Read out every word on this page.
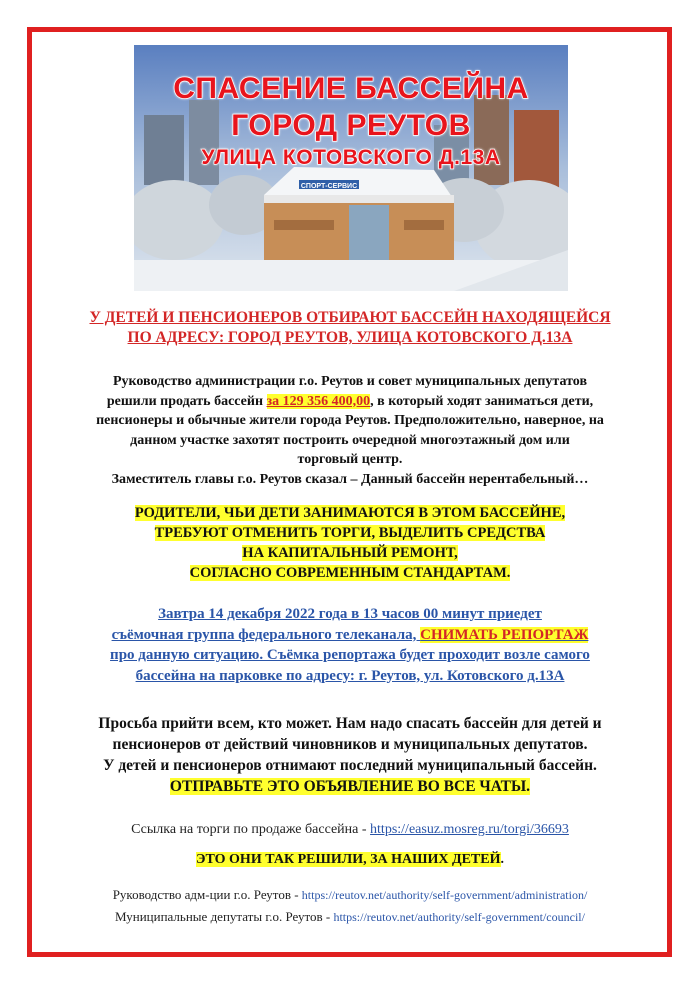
СПОРТ-СЕРВИС
СПАСЕНИЕ БАССЕЙНА
ГОРОД РЕУТОВ
УЛИЦА КОТОВСКОГО Д.13А
У ДЕТЕЙ И ПЕНСИОНЕРОВ ОТБИРАЮТ БАССЕЙН НАХОДЯЩЕЙСЯ
ПО АДРЕСУ: ГОРОД РЕУТОВ, УЛИЦА КОТОВСКОГО Д.13А
Руководство администрации г.о. Реутов и совет муниципальных депутатов
решили продать бассейн за 129 356 400,00, в который ходят заниматься дети,
пенсионеры и обычные жители города Реутов. Предположительно, наверное, на
данном участке захотят построить очередной многоэтажный дом или
торговый центр.
Заместитель главы г.о. Реутов сказал – Данный бассейн нерентабельный…
РОДИТЕЛИ, ЧЬИ ДЕТИ ЗАНИМАЮТСЯ В ЭТОМ БАССЕЙНЕ,
ТРЕБУЮТ ОТМЕНИТЬ ТОРГИ, ВЫДЕЛИТЬ СРЕДСТВА
НА КАПИТАЛЬНЫЙ РЕМОНТ,
СОГЛАСНО СОВРЕМЕННЫМ СТАНДАРТАМ.
Завтра 14 декабря 2022 года в 13 часов 00 минут приедет
съёмочная группа федерального телеканала, СНИМАТЬ РЕПОРТАЖ
про данную ситуацию. Съёмка репортажа будет проходит возле самого
бассейна на парковке по адресу: г. Реутов, ул. Котовского д.13А
Просьба прийти всем, кто может. Нам надо спасать бассейн для детей и
пенсионеров от действий чиновников и муниципальных депутатов.
У детей и пенсионеров отнимают последний муниципальный бассейн.
ОТПРАВЬТЕ ЭТО ОБЪЯВЛЕНИЕ ВО ВСЕ ЧАТЫ.
Ссылка на торги по продаже бассейна - https://easuz.mosreg.ru/torgi/36693
ЭТО ОНИ ТАК РЕШИЛИ, ЗА НАШИХ ДЕТЕЙ.
Руководство адм-ции г.о. Реутов - https://reutov.net/authority/self-government/administration/
Муниципальные депутаты г.о. Реутов - https://reutov.net/authority/self-government/council/
